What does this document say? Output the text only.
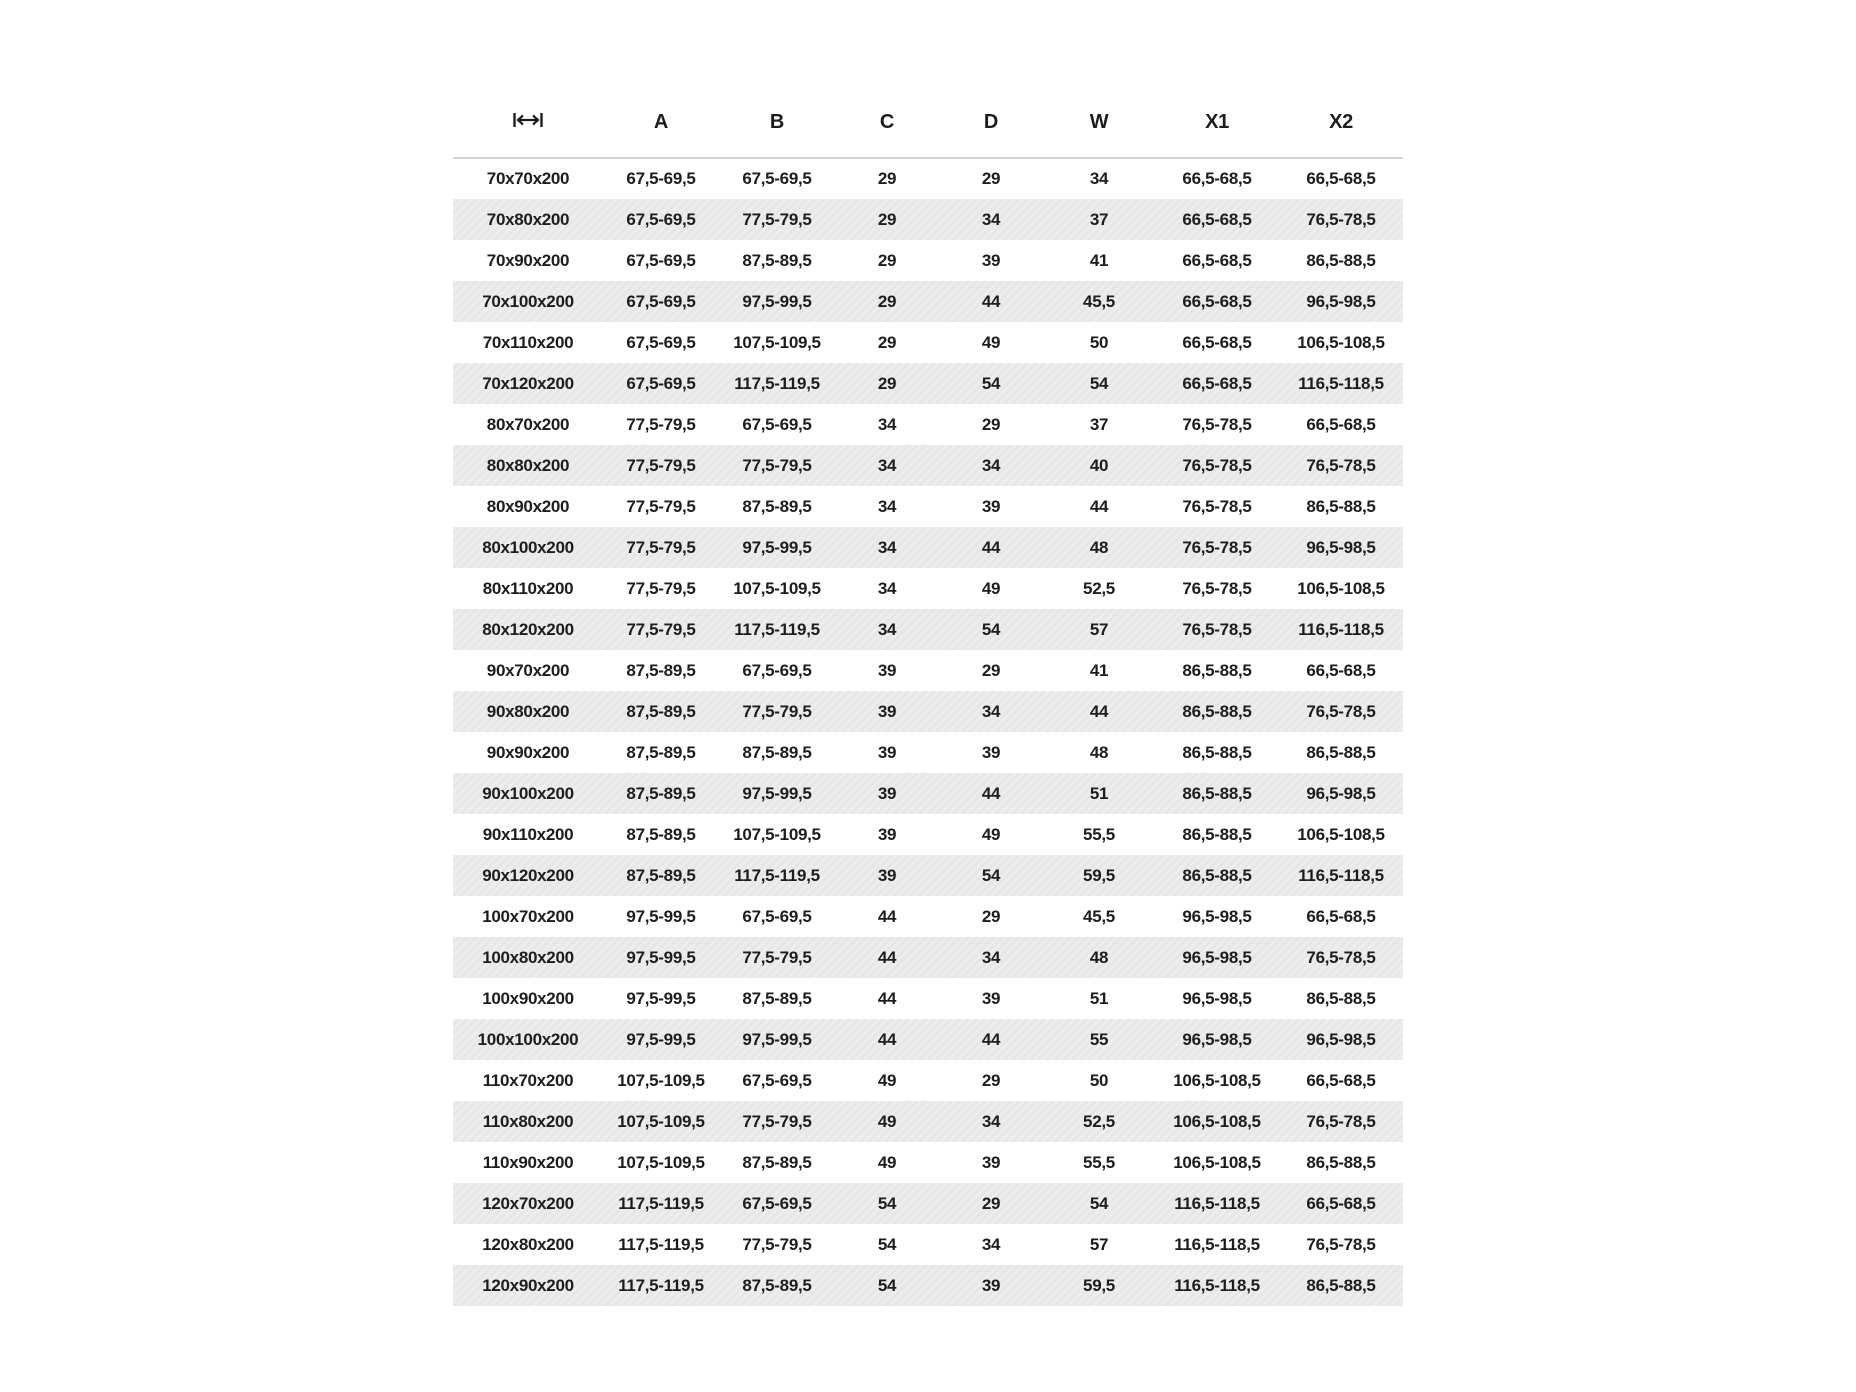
	A	B	C	D	W	X1	X2
70x70x200	67,5-69,5	67,5-69,5	29	29	34	66,5-68,5	66,5-68,5
70x80x200	67,5-69,5	77,5-79,5	29	34	37	66,5-68,5	76,5-78,5
70x90x200	67,5-69,5	87,5-89,5	29	39	41	66,5-68,5	86,5-88,5
70x100x200	67,5-69,5	97,5-99,5	29	44	45,5	66,5-68,5	96,5-98,5
70x110x200	67,5-69,5	107,5-109,5	29	49	50	66,5-68,5	106,5-108,5
70x120x200	67,5-69,5	117,5-119,5	29	54	54	66,5-68,5	116,5-118,5
80x70x200	77,5-79,5	67,5-69,5	34	29	37	76,5-78,5	66,5-68,5
80x80x200	77,5-79,5	77,5-79,5	34	34	40	76,5-78,5	76,5-78,5
80x90x200	77,5-79,5	87,5-89,5	34	39	44	76,5-78,5	86,5-88,5
80x100x200	77,5-79,5	97,5-99,5	34	44	48	76,5-78,5	96,5-98,5
80x110x200	77,5-79,5	107,5-109,5	34	49	52,5	76,5-78,5	106,5-108,5
80x120x200	77,5-79,5	117,5-119,5	34	54	57	76,5-78,5	116,5-118,5
90x70x200	87,5-89,5	67,5-69,5	39	29	41	86,5-88,5	66,5-68,5
90x80x200	87,5-89,5	77,5-79,5	39	34	44	86,5-88,5	76,5-78,5
90x90x200	87,5-89,5	87,5-89,5	39	39	48	86,5-88,5	86,5-88,5
90x100x200	87,5-89,5	97,5-99,5	39	44	51	86,5-88,5	96,5-98,5
90x110x200	87,5-89,5	107,5-109,5	39	49	55,5	86,5-88,5	106,5-108,5
90x120x200	87,5-89,5	117,5-119,5	39	54	59,5	86,5-88,5	116,5-118,5
100x70x200	97,5-99,5	67,5-69,5	44	29	45,5	96,5-98,5	66,5-68,5
100x80x200	97,5-99,5	77,5-79,5	44	34	48	96,5-98,5	76,5-78,5
100x90x200	97,5-99,5	87,5-89,5	44	39	51	96,5-98,5	86,5-88,5
100x100x200	97,5-99,5	97,5-99,5	44	44	55	96,5-98,5	96,5-98,5
110x70x200	107,5-109,5	67,5-69,5	49	29	50	106,5-108,5	66,5-68,5
110x80x200	107,5-109,5	77,5-79,5	49	34	52,5	106,5-108,5	76,5-78,5
110x90x200	107,5-109,5	87,5-89,5	49	39	55,5	106,5-108,5	86,5-88,5
120x70x200	117,5-119,5	67,5-69,5	54	29	54	116,5-118,5	66,5-68,5
120x80x200	117,5-119,5	77,5-79,5	54	34	57	116,5-118,5	76,5-78,5
120x90x200	117,5-119,5	87,5-89,5	54	39	59,5	116,5-118,5	86,5-88,5
